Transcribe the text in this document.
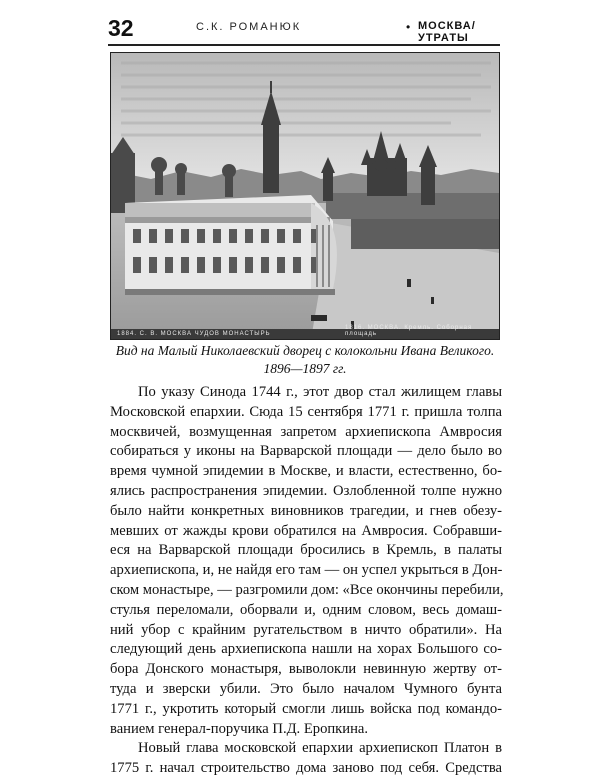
32	С.К. РОМАНЮК	• МОСКВА/УТРАТЫ
1884. С. В. МОСКВА ЧУДОВ МОНАСТЫРЬ
1816. МОСКВА. Кремль. Соборная площадь
Вид на Малый Николаевский дворец с колокольни Ивана Великого.
1896—1897 гг.
По указу Синода 1744 г., этот двор стал жилищем главы
Московской епархии. Сюда 15 сентября 1771 г. пришла толпа
москвичей, возмущенная запретом архиепископа Амвросия
собираться у иконы на Варварской площади — дело было во
время чумной эпидемии в Москве, и власти, естественно, бо-
ялись распространения эпидемии. Озлобленной толпе нужно
было найти конкретных виновников трагедии, и гнев обезу-
мевших от жажды крови обратился на Амвросия. Собравши-
еся на Варварской площади бросились в Кремль, в палаты
архиепископа, и, не найдя его там — он успел укрыться в Дон-
ском монастыре, — разгромили дом: «Все окончины перебили,
стулья переломали, оборвали и, одним словом, весь домаш-
ний убор с крайним ругательством в ничто обратили». На
следующий день архиепископа нашли на хорах Большого со-
бора Донского монастыря, выволокли невинную жертву от-
туда и зверски убили. Это было началом Чумного бунта
1771 г., укротить который смогли лишь войска под командо-
ванием генерал-поручика П.Д. Еропкина.
Новый глава московской епархии архиепископ Платон в
1775 г. начал строительство дома заново под себя. Средства
